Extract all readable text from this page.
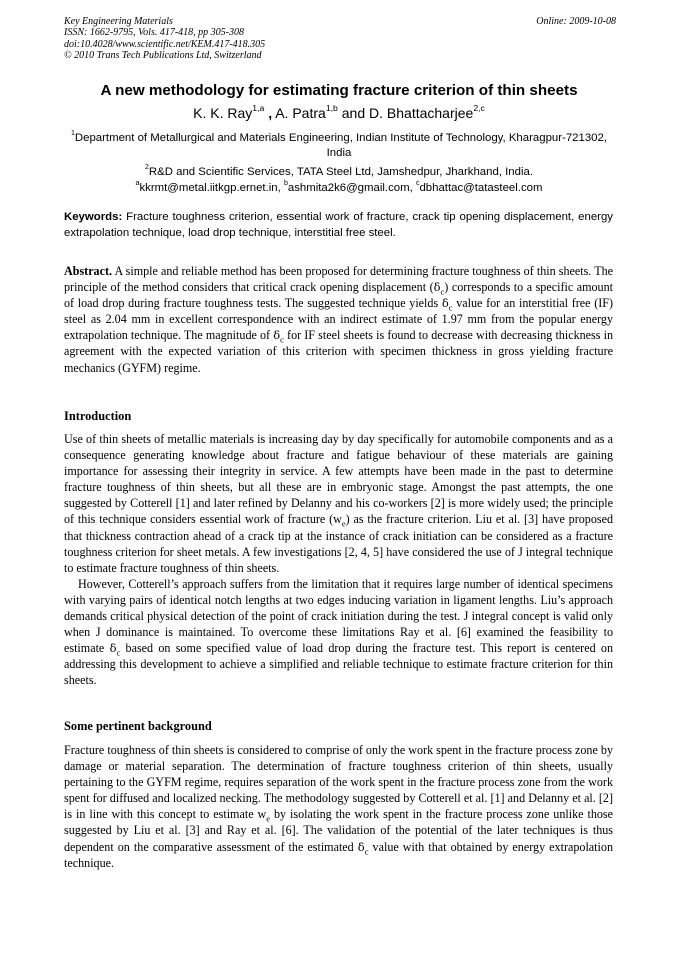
Key Engineering Materials
ISSN: 1662-9795, Vols. 417-418, pp 305-308
doi:10.4028/www.scientific.net/KEM.417-418.305
© 2010 Trans Tech Publications Ltd, Switzerland
Online: 2009-10-08
A new methodology for estimating fracture criterion of thin sheets
K. K. Ray$^{1,a}$ , A. Patra$^{1,b}$ and D. Bhattacharjee$^{2,c}$
$^1$Department of Metallurgical and Materials Engineering, Indian Institute of Technology, Kharagpur-721302, India
$^2$R&D and Scientific Services, TATA Steel Ltd, Jamshedpur, Jharkhand, India.
$^a$kkrmt@metal.iitkgp.ernet.in, $^b$ashmita2k6@gmail.com, $^c$dbhattac@tatasteel.com
Keywords: Fracture toughness criterion, essential work of fracture, crack tip opening displacement, energy extrapolation technique, load drop technique, interstitial free steel.
Abstract. A simple and reliable method has been proposed for determining fracture toughness of thin sheets. The principle of the method considers that critical crack opening displacement $(\delta_c)$ corresponds to a specific amount of load drop during fracture toughness tests. The suggested technique yields $\delta_c$ value for an interstitial free (IF) steel as 2.04 mm in excellent correspondence with an indirect estimate of 1.97 mm from the popular energy extrapolation technique. The magnitude of $\delta_c$ for IF steel sheets is found to decrease with decreasing thickness in agreement with the expected variation of this criterion with specimen thickness in gross yielding fracture mechanics (GYFM) regime.
Introduction

Use of thin sheets of metallic materials is increasing day by day specifically for automobile components and as a consequence generating knowledge about fracture and fatigue behaviour of these materials are gaining importance for assessing their integrity in service. A few attempts have been made in the past to determine fracture toughness of thin sheets, but all these are in embryonic stage. Amongst the past attempts, the one suggested by Cotterell [1] and later refined by Delanny and his co-workers [2] is more widely used; the principle of this technique considers essential work of fracture $(w_e)$ as the fracture criterion. Liu et al. [3] have proposed that thickness contraction ahead of a crack tip at the instance of crack initiation can be considered as a fracture toughness criterion for sheet metals. A few investigations [2, 4, 5] have considered the use of J integral technique to estimate fracture toughness of thin sheets.

However, Cotterell’s approach suffers from the limitation that it requires large number of identical specimens with varying pairs of identical notch lengths at two edges inducing variation in ligament lengths. Liu’s approach demands critical physical detection of the point of crack initiation during the test. J integral concept is valid only when J dominance is maintained. To overcome these limitations Ray et al. [6] examined the feasibility to estimate $\delta_c$ based on some specified value of load drop during the fracture test. This report is centered on addressing this development to achieve a simplified and reliable technique to estimate fracture criterion for thin sheets.

Some pertinent background

Fracture toughness of thin sheets is considered to comprise of only the work spent in the fracture process zone by damage or material separation. The determination of fracture toughness criterion of thin sheets, usually pertaining to the GYFM regime, requires separation of the work spent in the fracture process zone from the work spent for diffused and localized necking. The methodology suggested by Cotterell et al. [1] and Delanny et al. [2] is in line with this concept to estimate $w_e$ by isolating the work spent in the fracture process zone unlike those suggested by Liu et al. [3] and Ray et al. [6]. The validation of the potential of the later techniques is thus dependent on the comparative assessment of the estimated $\delta_c$ value with that obtained by energy extrapolation technique.
